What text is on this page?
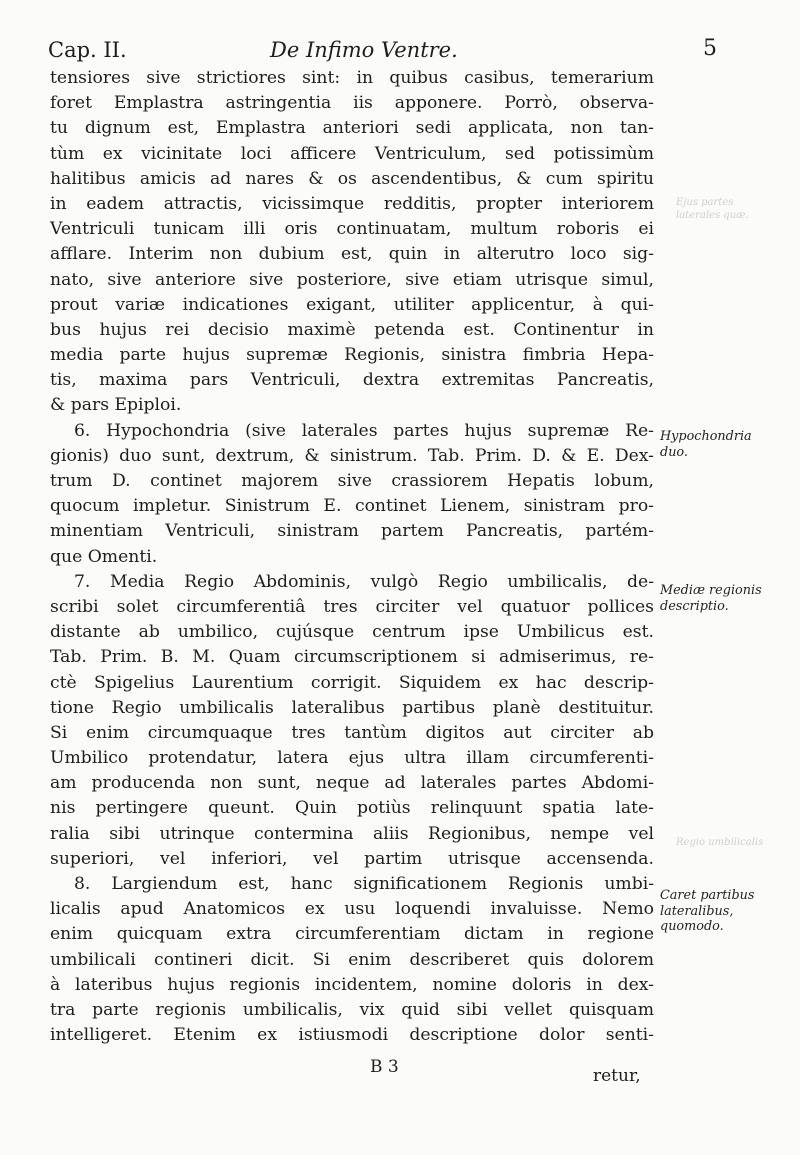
Cap. II.	De Infimo Ventre.	5
tensiores sive strictiores sint: in quibus casibus, temerarium
foret Emplastra astringentia iis apponere. Porrò, observa-
tu dignum est, Emplastra anteriori sedi applicata, non tan-
tùm ex vicinitate loci afficere Ventriculum, sed potissimùm
halitibus amicis ad nares & os ascendentibus, & cum spiritu
in eadem attractis, vicissimque redditis, propter interiorem
Ventriculi tunicam illi oris continuatam, multum roboris ei
afflare. Interim non dubium est, quin in alterutro loco sig-
nato, sive anteriore sive posteriore, sive etiam utrisque simul,
prout variæ indicationes exigant, utiliter applicentur, à qui-
bus hujus rei decisio maximè petenda est. Continentur in
media parte hujus supremæ Regionis, sinistra fimbria Hepa-
tis, maxima pars Ventriculi, dextra extremitas Pancreatis,
& pars Epiploi.
6. Hypochondria (sive laterales partes hujus supremæ Re-
gionis) duo sunt, dextrum, & sinistrum. Tab. Prim. D. & E. Dex-
trum D. continet majorem sive crassiorem Hepatis lobum,
quocum impletur. Sinistrum E. continet Lienem, sinistram pro-
minentiam Ventriculi, sinistram partem Pancreatis, partém-
que Omenti.
7. Media Regio Abdominis, vulgò Regio umbilicalis, de-
scribi solet circumferentiâ tres circiter vel quatuor pollices
distante ab umbilico, cujúsque centrum ipse Umbilicus est.
Tab. Prim. B. M. Quam circumscriptionem si admiserimus, re-
ctè Spigelius Laurentium corrigit. Siquidem ex hac descrip-
tione Regio umbilicalis lateralibus partibus planè destituitur.
Si enim circumquaque tres tantùm digitos aut circiter ab
Umbilico protendatur, latera ejus ultra illam circumferenti-
am producenda non sunt, neque ad laterales partes Abdomi-
nis pertingere queunt. Quin potiùs relinquunt spatia late-
ralia sibi utrinque contermina aliis Regionibus, nempe vel
superiori, vel inferiori, vel partim utrisque accensenda.
8. Largiendum est, hanc significationem Regionis umbi-
licalis apud Anatomicos ex usu loquendi invaluisse. Nemo
enim quicquam extra circumferentiam dictam in regione
umbilicali contineri dicit. Si enim describeret quis dolorem
à lateribus hujus regionis incidentem, nomine doloris in dex-
tra parte regionis umbilicalis, vix quid sibi vellet quisquam
intelligeret. Etenim ex istiusmodi descriptione dolor senti-
Hypochondria duo.
Mediæ regionis descriptio.
Caret partibus lateralibus, quomodo.
Ejus partes laterales quæ.
Regio umbilicalis
B 3	retur,
